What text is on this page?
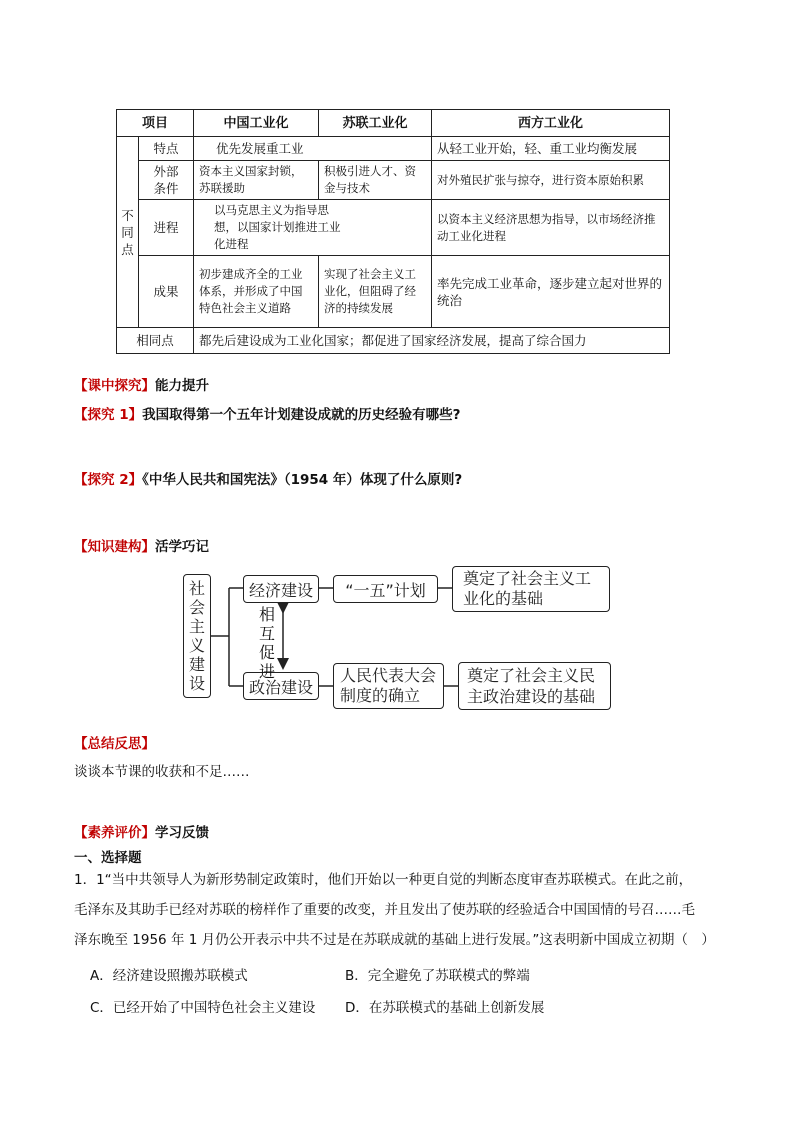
项目		中国工业化	苏联工业化	西方工业化
不同点	特点	优先发展重工业		从轻工业开始，轻、重工业均衡发展
	外部条件	资本主义国家封锁，苏联援助	积极引进人才、资金与技术	对外殖民扩张与掠夺，进行资本原始积累
	进程	以马克思主义为指导思想，以国家计划推进工业化进程		以资本主义经济思想为指导，以市场经济推动工业化进程
	成果	初步建成齐全的工业体系，并形成了中国特色社会主义道路	实现了社会主义工业化，但阻碍了经济的持续发展	率先完成工业革命，逐步建立起对世界的统治
相同点		都先后建设成为工业化国家；都促进了国家经济发展，提高了综合国力		
【课中探究】能力提升
【探究 1】我国取得第一个五年计划建设成就的历史经验有哪些?
【探究 2】《中华人民共和国宪法》（1954 年）体现了什么原则?
【知识建构】活学巧记
社会主义建设
经济建设
政治建设
相互促进
“一五”计划
奠定了社会主义工业化的基础
人民代表大会制度的确立
奠定了社会主义民主政治建设的基础
【总结反思】
谈谈本节课的收获和不足……
【素养评价】学习反馈
一、选择题
1．1“当中共领导人为新形势制定政策时，他们开始以一种更自觉的判断态度审查苏联模式。在此之前，
毛泽东及其助手已经对苏联的榜样作了重要的改变，并且发出了使苏联的经验适合中国国情的号召……毛
泽东晚至 1956 年 1 月仍公开表示中共不过是在苏联成就的基础上进行发展。”这表明新中国成立初期（　）
A．经济建设照搬苏联模式	B．完全避免了苏联模式的弊端
C．已经开始了中国特色社会主义建设 D．在苏联模式的基础上创新发展
